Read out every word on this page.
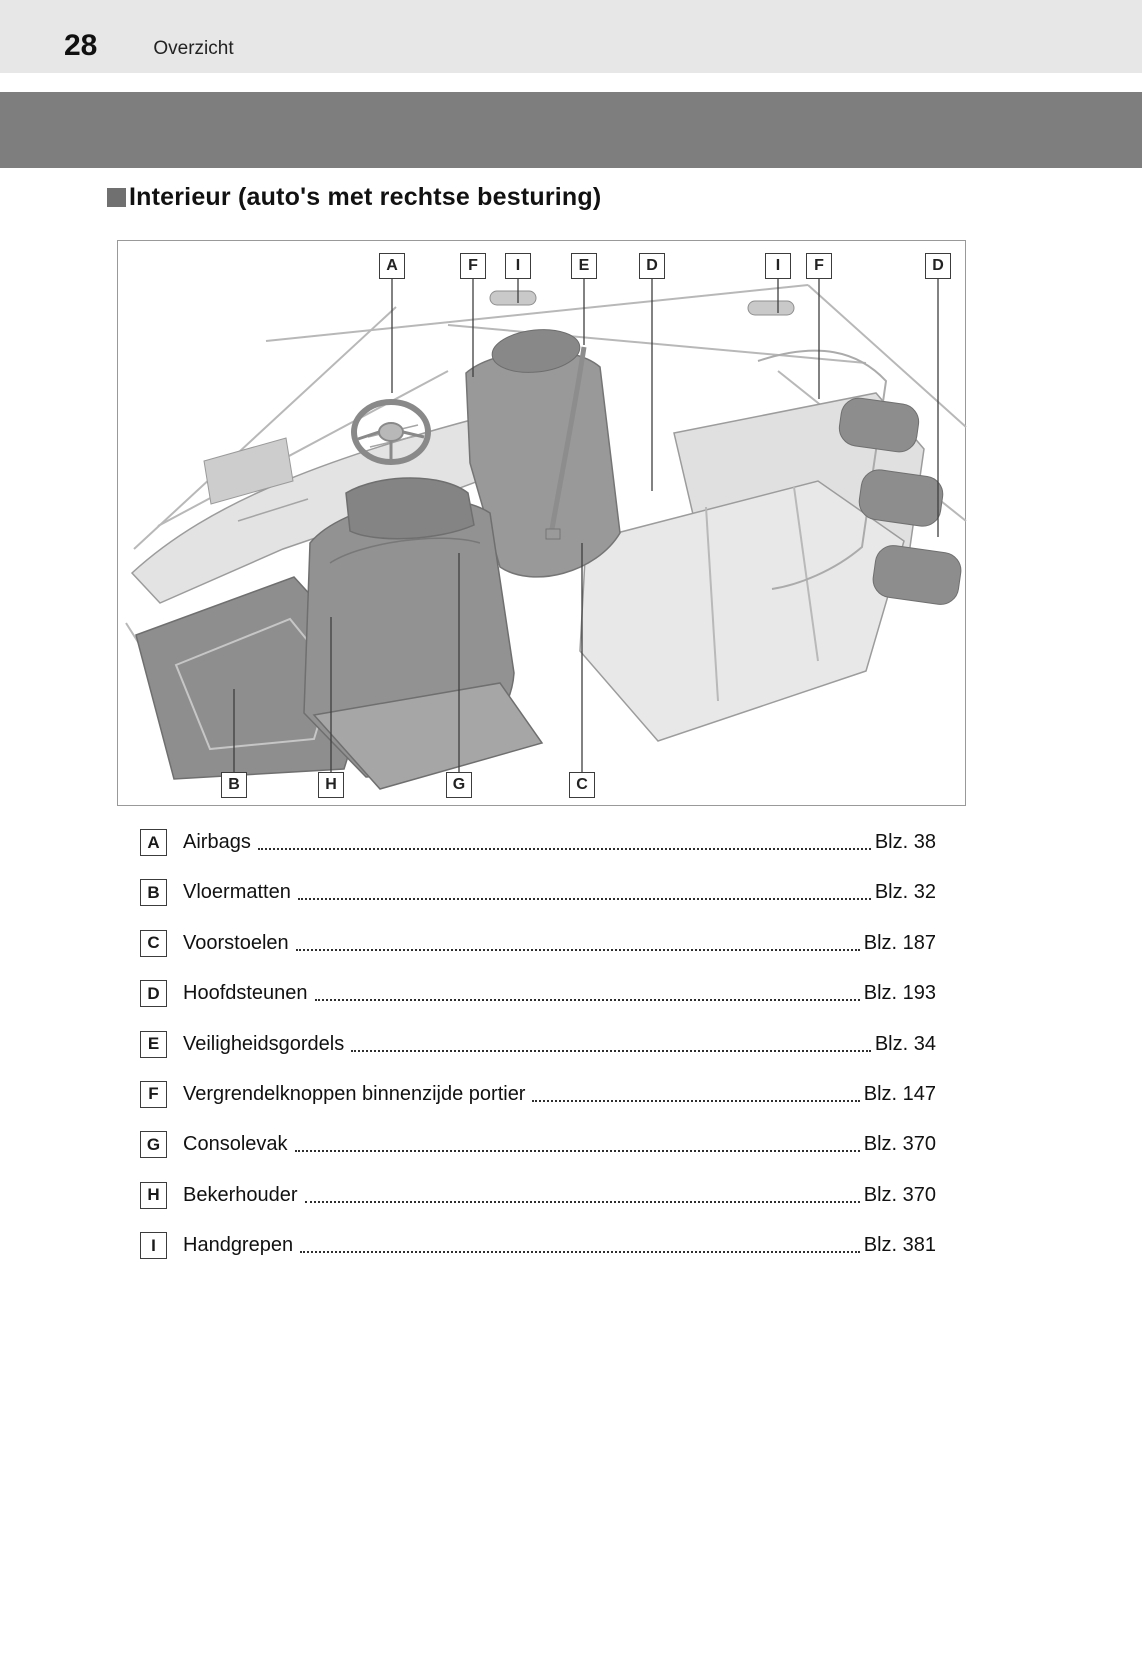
28	Overzicht
Interieur (auto's met rechtse besturing)
A	F	I	E	D	I	F	D
B	H	G	C
A	Airbags	Blz. 38
B	Vloermatten	Blz. 32
C	Voorstoelen	Blz. 187
D	Hoofdsteunen	Blz. 193
E	Veiligheidsgordels	Blz. 34
F	Vergrendelknoppen binnenzijde portier	Blz. 147
G	Consolevak	Blz. 370
H	Bekerhouder	Blz. 370
I	Handgrepen	Blz. 381
